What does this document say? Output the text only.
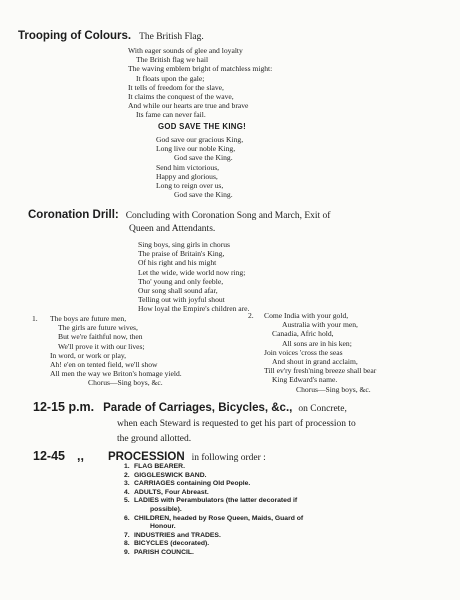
Trooping of Colours. The British Flag.
With eager sounds of glee and loyalty
The British flag we hail
The waving emblem bright of matchless might:
It floats upon the gale;
It tells of freedom for the slave,
It claims the conquest of the wave,
And while our hearts are true and brave
Its fame can never fail.
GOD SAVE THE KING!
God save our gracious King,
Long live our noble King,
God save the King.
Send him victorious,
Happy and glorious,
Long to reign over us,
God save the King.
Coronation Drill: Concluding with Coronation Song and March, Exit of
Queen and Attendants.
Sing boys, sing girls in chorus
The praise of Britain's King,
Of his right and his might
Let the wide, wide world now ring;
Tho' young and only feeble,
Our song shall sound afar,
Telling out with joyful shout
How loyal the Empire's children are.
1. The boys are future men,
The girls are future wives,
But we're faithful now, then
We'll prove it with our lives;
In word, or work or play,
Ah! e'en on tented field, we'll show
All men the way we Briton's homage yield.
Chorus—Sing boys, &c.
2. Come India with your gold,
Australia with your men,
Canadia, Afric hold,
All sons are in his ken;
Join voices 'cross the seas
And shout in grand acclaim,
Till ev'ry fresh'ning breeze shall bear
King Edward's name.
Chorus—Sing boys, &c.
12-15 p.m. Parade of Carriages, Bicycles, &c., on Concrete,
when each Steward is requested to get his part of procession to
the ground allotted.
12-45 ,, PROCESSION in following order :
1. FLAG BEARER.
2. GIGGLESWICK BAND.
3. CARRIAGES containing Old People.
4. ADULTS, Four Abreast.
5. LADIES with Perambulators (the latter decorated if
possible).
6. CHILDREN, headed by Rose Queen, Maids, Guard of
Honour.
7. INDUSTRIES and TRADES.
8. BICYCLES (decorated).
9. PARISH COUNCIL.
